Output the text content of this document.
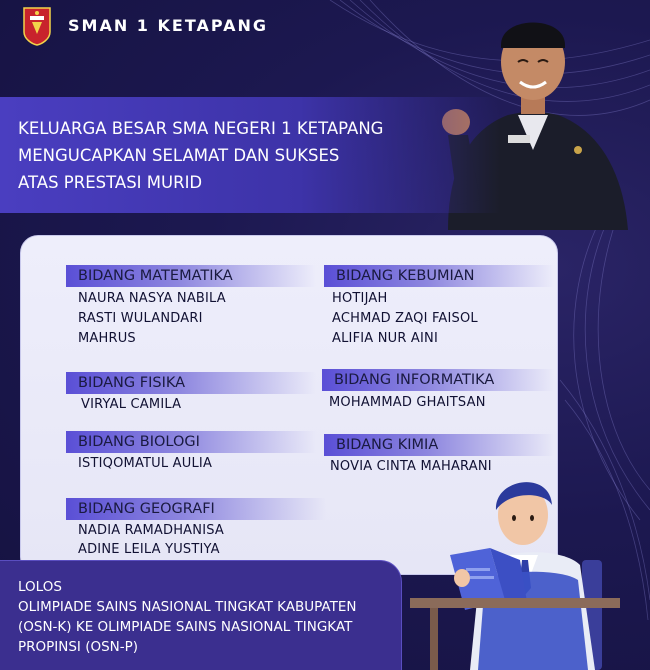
SMAN 1 KETAPANG
KELUARGA BESAR SMA NEGERI 1 KETAPANG
MENGUCAPKAN SELAMAT DAN SUKSES
ATAS PRESTASI MURID
BIDANG MATEMATIKA
NAURA NASYA NABILA
RASTI WULANDARI
MAHRUS
BIDANG FISIKA
VIRYAL CAMILA
BIDANG BIOLOGI
ISTIQOMATUL AULIA
BIDANG GEOGRAFI
NADIA RAMADHANISA
ADINE LEILA YUSTIYA
BIDANG KEBUMIAN
HOTIJAH
ACHMAD ZAQI FAISOL
ALIFIA NUR AINI
BIDANG INFORMATIKA
MOHAMMAD GHAITSAN
BIDANG KIMIA
NOVIA CINTA MAHARANI
LOLOS
OLIMPIADE SAINS NASIONAL TINGKAT KABUPATEN
(OSN-K) KE OLIMPIADE SAINS NASIONAL TINGKAT
PROPINSI (OSN-P)
